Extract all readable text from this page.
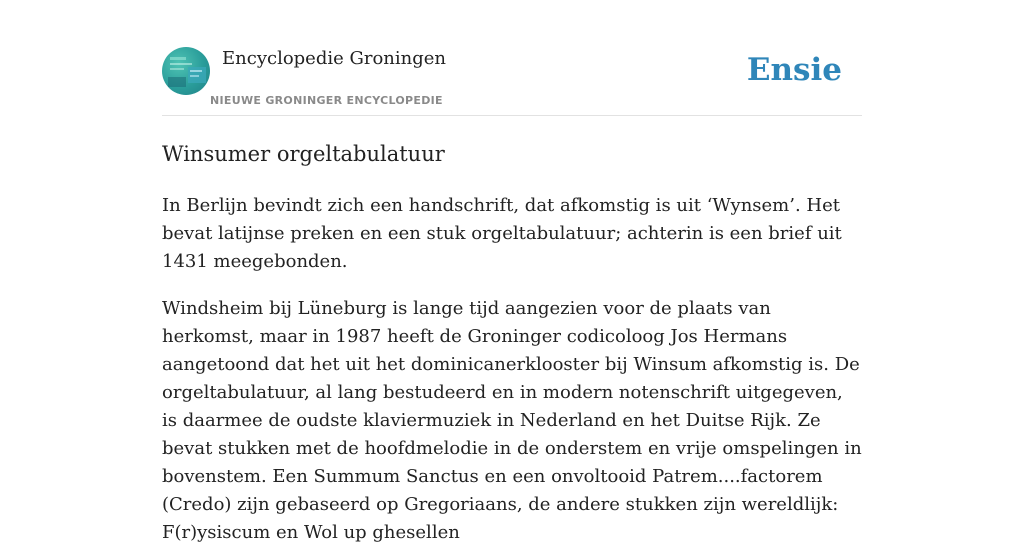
Encyclopedie Groningen
NIEUWE GRONINGER ENCYCLOPEDIE
Ensie
Winsumer orgeltabulatuur

In Berlijn bevindt zich een handschrift, dat afkomstig is uit ‘Wynsem’. Het bevat latijnse preken en een stuk orgeltabulatuur; achterin is een brief uit 1431 meegebonden.

Windsheim bij Lüneburg is lange tijd aangezien voor de plaats van herkomst, maar in 1987 heeft de Groninger codicoloog Jos Hermans aangetoond dat het uit het dominicanerklooster bij Winsum afkomstig is. De orgeltabulatuur, al lang bestudeerd en in modern notenschrift uitgegeven, is daarmee de oudste klaviermuziek in Nederland en het Duitse Rijk. Ze bevat stukken met de hoofdmelodie in de onderstem en vrije omspelingen in bovenstem. Een Summum Sanctus en een onvoltooid Patrem....factorem (Credo) zijn gebaseerd op Gregoriaans, de andere stukken zijn wereldlijk: F(r)ysiscum en Wol up ghesellen
